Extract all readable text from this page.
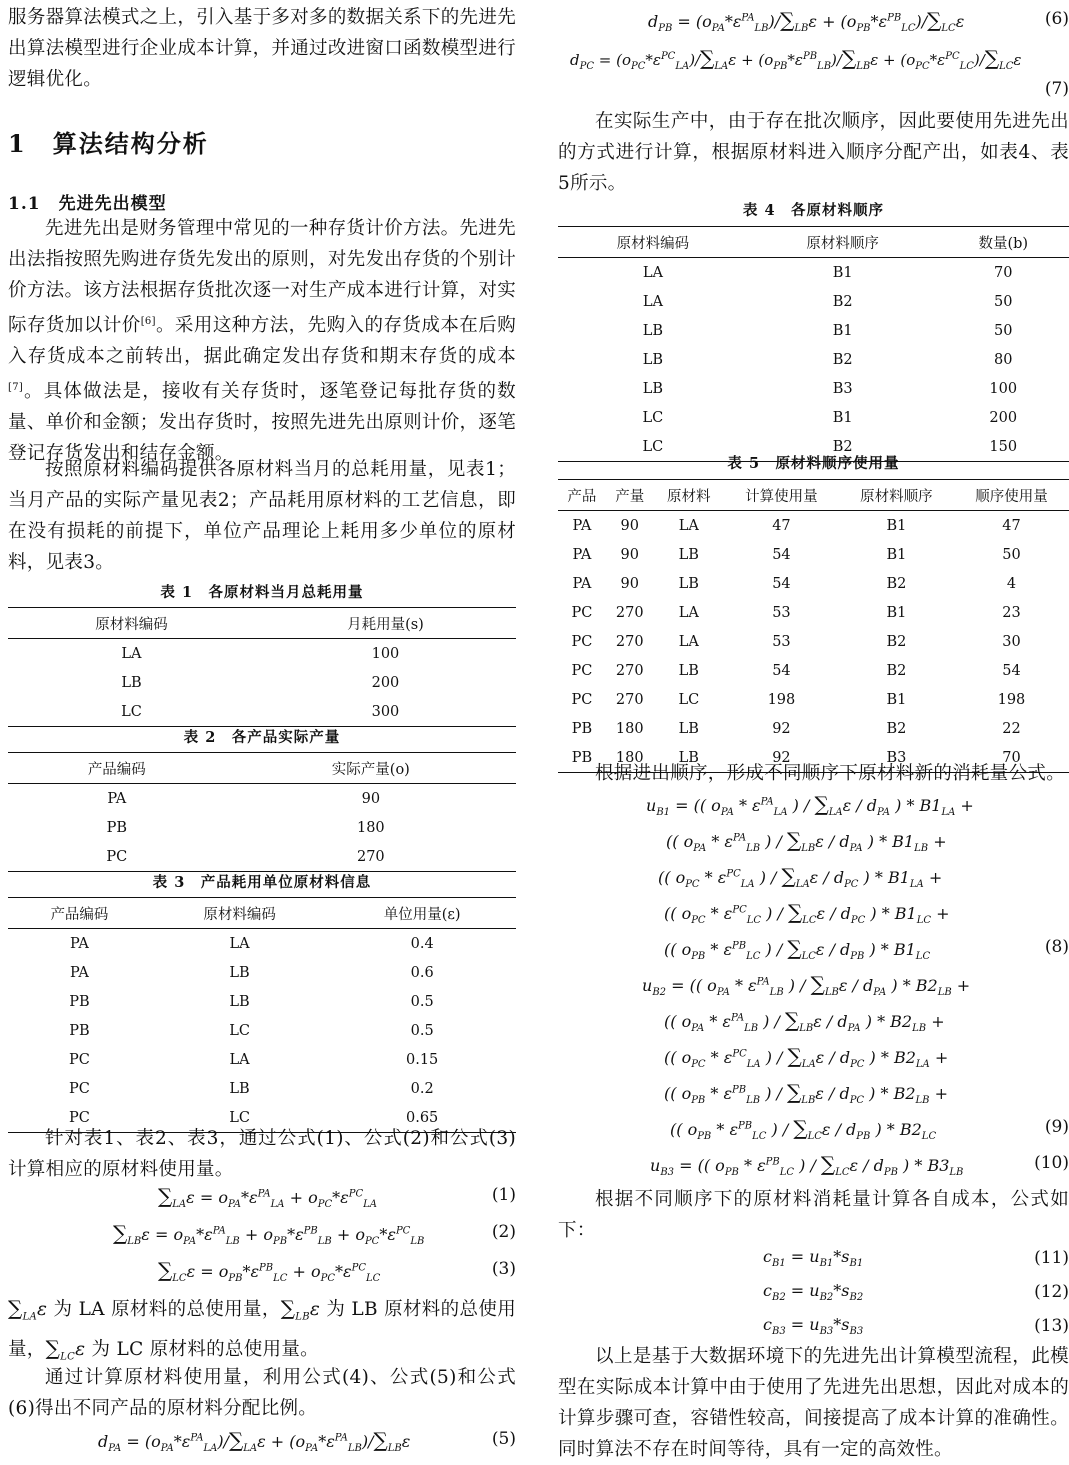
服务器算法模式之上，引入基于多对多的数据关系下的先进先出算法模型进行企业成本计算，并通过改进窗口函数模型进行逻辑优化。

1　算法结构分析
1.1　先进先出模型

先进先出是财务管理中常见的一种存货计价方法。先进先出法指按照先购进存货先发出的原则，对先发出存货的个别计价方法。该方法根据存货批次逐一对生产成本进行计算，对实际存货加以计价[6]。采用这种方法，先购入的存货成本在后购入存货成本之前转出，据此确定发出存货和期末存货的成本[7]。具体做法是，接收有关存货时，逐笔登记每批存货的数量、单价和金额；发出存货时，按照先进先出原则计价，逐笔登记存货发出和结存金额。

按照原材料编码提供各原材料当月的总耗用量，见表1；当月产品的实际产量见表2；产品耗用原材料的工艺信息，即在没有损耗的前提下，单位产品理论上耗用多少单位的原材料，见表3。

表 1　各原材料当月总耗用量

原材料编码	月耗用量(s)
LA	100
LB	200
LC	300

表 2　各产品实际产量

产品编码	实际产量(o)
PA	90
PB	180
PC	270

表 3　产品耗用单位原材料信息

产品编码	原材料编码	单位用量(ε)
PA	LA	0.4
PA	LB	0.6
PB	LB	0.5
PB	LC	0.5
PC	LA	0.15
PC	LB	0.2
PC	LC	0.65

针对表1、表2、表3，通过公式(1)、公式(2)和公式(3)计算相应的原材料使用量。

$\sum_{LA}\varepsilon = o_{PA}*\varepsilon^{PA}_{LA} + o_{PC}*\varepsilon^{PC}_{LA}$	(1)
$\sum_{LB}\varepsilon = o_{PA}*\varepsilon^{PA}_{LB} + o_{PB}*\varepsilon^{PB}_{LB} + o_{PC}*\varepsilon^{PC}_{LB}$	(2)
$\sum_{LC}\varepsilon = o_{PB}*\varepsilon^{PB}_{LC} + o_{PC}*\varepsilon^{PC}_{LC}$	(3)

$\sum_{LA}\varepsilon$ 为 LA 原材料的总使用量，$\sum_{LB}\varepsilon$ 为 LB 原材料的总使用量，$\sum_{LC}\varepsilon$ 为 LC 原材料的总使用量。

通过计算原材料使用量，利用公式(4)、公式(5)和公式(6)得出不同产品的原材料分配比例。

$d_{PA} = (o_{PA}*\varepsilon^{PA}_{LA})/\sum_{LA}\varepsilon + (o_{PA}*\varepsilon^{PA}_{LB})/\sum_{LB}\varepsilon$	(5)
$d_{PB} = (o_{PA}*\varepsilon^{PA}_{LB})/\sum_{LB}\varepsilon + (o_{PB}*\varepsilon^{PB}_{LC})/\sum_{LC}\varepsilon$	(6)
$d_{PC} = (o_{PC}*\varepsilon^{PC}_{LA})/\sum_{LA}\varepsilon + (o_{PB}*\varepsilon^{PB}_{LB})/\sum_{LB}\varepsilon + (o_{PC}*\varepsilon^{PC}_{LC})/\sum_{LC}\varepsilon$
(7)

在实际生产中，由于存在批次顺序，因此要使用先进先出的方式进行计算，根据原材料进入顺序分配产出，如表4、表5所示。

表 4　各原材料顺序

原材料编码	原材料顺序	数量(b)
LA	B1	70
LA	B2	50
LB	B1	50
LB	B2	80
LB	B3	100
LC	B1	200
LC	B2	150

表 5　原材料顺序使用量

产品	产量	原材料	计算使用量	原材料顺序	顺序使用量
PA	90	LA	47	B1	47
PA	90	LB	54	B1	50
PA	90	LB	54	B2	4
PC	270	LA	53	B1	23
PC	270	LA	53	B2	30
PC	270	LB	54	B2	54
PC	270	LC	198	B1	198
PB	180	LB	92	B2	22
PB	180	LB	92	B3	70

根据进出顺序，形成不同顺序下原材料新的消耗量公式。

$u_{B1}$ = (( $o_{PA} * \varepsilon^{PA}_{LA}$ ) / $\sum_{LA}\varepsilon / d_{PA}$ ) * $B1_{LA}$ +
(( $o_{PA} * \varepsilon^{PA}_{LB}$ ) / $\sum_{LB}\varepsilon / d_{PA}$ ) * $B1_{LB}$ +
(( $o_{PC} * \varepsilon^{PC}_{LA}$ ) / $\sum_{LA}\varepsilon / d_{PC}$ ) * $B1_{LA}$ +
(( $o_{PC} * \varepsilon^{PC}_{LC}$ ) / $\sum_{LC}\varepsilon / d_{PC}$ ) * $B1_{LC}$ +
(( $o_{PB} * \varepsilon^{PB}_{LC}$ ) / $\sum_{LC}\varepsilon / d_{PB}$ ) * $B1_{LC}$	(8)
$u_{B2}$ = (( $o_{PA} * \varepsilon^{PA}_{LB}$ ) / $\sum_{LB}\varepsilon / d_{PA}$ ) * $B2_{LB}$ +
(( $o_{PA} * \varepsilon^{PA}_{LB}$ ) / $\sum_{LB}\varepsilon / d_{PA}$ ) * $B2_{LB}$ +
(( $o_{PC} * \varepsilon^{PC}_{LA}$ ) / $\sum_{LA}\varepsilon / d_{PC}$ ) * $B2_{LA}$ +
(( $o_{PB} * \varepsilon^{PB}_{LB}$ ) / $\sum_{LB}\varepsilon / d_{PC}$ ) * $B2_{LB}$ +
(( $o_{PB} * \varepsilon^{PB}_{LC}$ ) / $\sum_{LC}\varepsilon / d_{PB}$ ) * $B2_{LC}$	(9)
$u_{B3}$ = (( $o_{PB} * \varepsilon^{PB}_{LC}$ ) / $\sum_{LC}\varepsilon / d_{PB}$ ) * $B3_{LB}$	(10)

根据不同顺序下的原材料消耗量计算各自成本，公式如下：

$c_{B1} = u_{B1}*s_{B1}$	(11)
$c_{B2} = u_{B2}*s_{B2}$	(12)
$c_{B3} = u_{B3}*s_{B3}$	(13)

以上是基于大数据环境下的先进先出计算模型流程，此模型在实际成本计算中由于使用了先进先出思想，因此对成本的计算步骤可查，容错性较高，间接提高了成本计算的准确性。同时算法不存在时间等待，具有一定的高效性。
